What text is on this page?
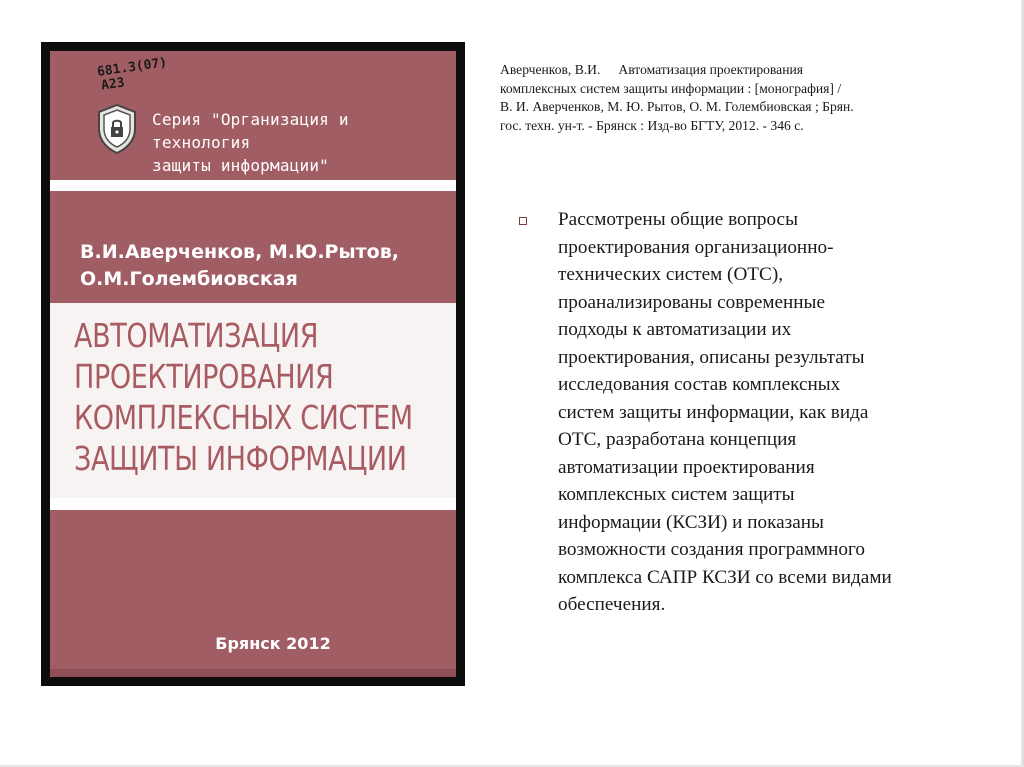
681.3(07)
А23
Серия "Организация и технология
защиты информации"
В.И.Аверченков, М.Ю.Рытов,
О.М.Голембиовская
АВТОМАТИЗАЦИЯ
ПРОЕКТИРОВАНИЯ
КОМПЛЕКСНЫХ СИСТЕМ
ЗАЩИТЫ ИНФОРМАЦИИ
Брянск 2012
Аверченков, В.И. Автоматизация проектирования
комплексных систем защиты информации : [монография] /
В. И. Аверченков, М. Ю. Рытов, О. М. Голембиовская ; Брян.
гос. техн. ун-т. - Брянск : Изд-во БГТУ, 2012. - 346 с.
Рассмотрены общие вопросы
проектирования организационно-
технических систем (ОТС),
проанализированы современные
подходы к автоматизации их
проектирования, описаны результаты
исследования состав комплексных
систем защиты информации, как вида
ОТС, разработана концепция
автоматизации проектирования
комплексных систем защиты
информации (КСЗИ) и показаны
возможности создания программного
комплекса САПР КСЗИ со всеми видами
обеспечения.
